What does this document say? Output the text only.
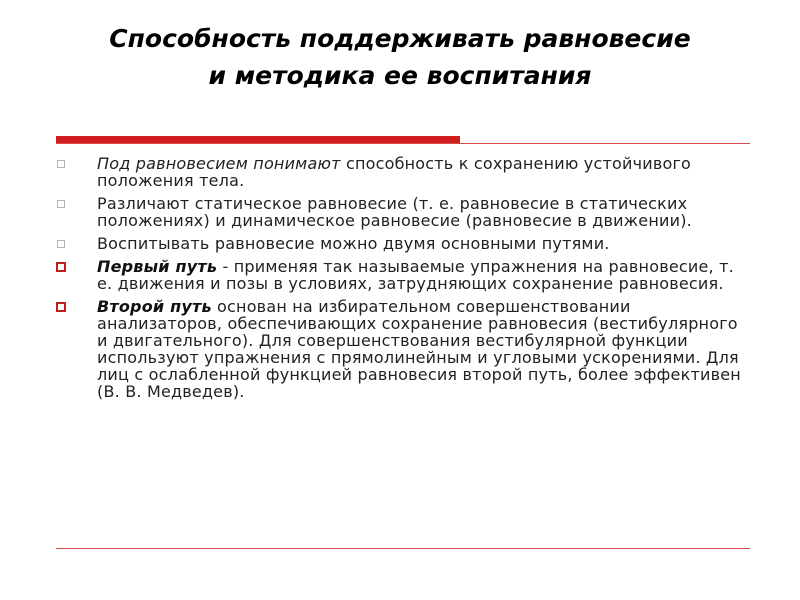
Способность поддерживать равновесие и методика ее воспитания
Под равновесием понимают способность к сохранению устойчивого положения тела.
Различают статическое равновесие (т. е. равновесие в статических положениях) и динамическое равновесие (равновесие в движении).
Воспитывать равновесие можно двумя основными путями.
Первый путь - применяя так называемые упражнения на равновесие, т. е. движения и позы в условиях, затрудняющих сохранение равновесия.
Второй путь основан на избирательном совершенствовании анализаторов, обеспечивающих сохранение равновесия (вестибулярного и двигательного). Для совершенствования вестибулярной функции используют упражнения с прямолинейным и угловыми ускорениями. Для лиц с ослабленной функцией равновесия второй путь, более эффективен (В. В. Медведев).
